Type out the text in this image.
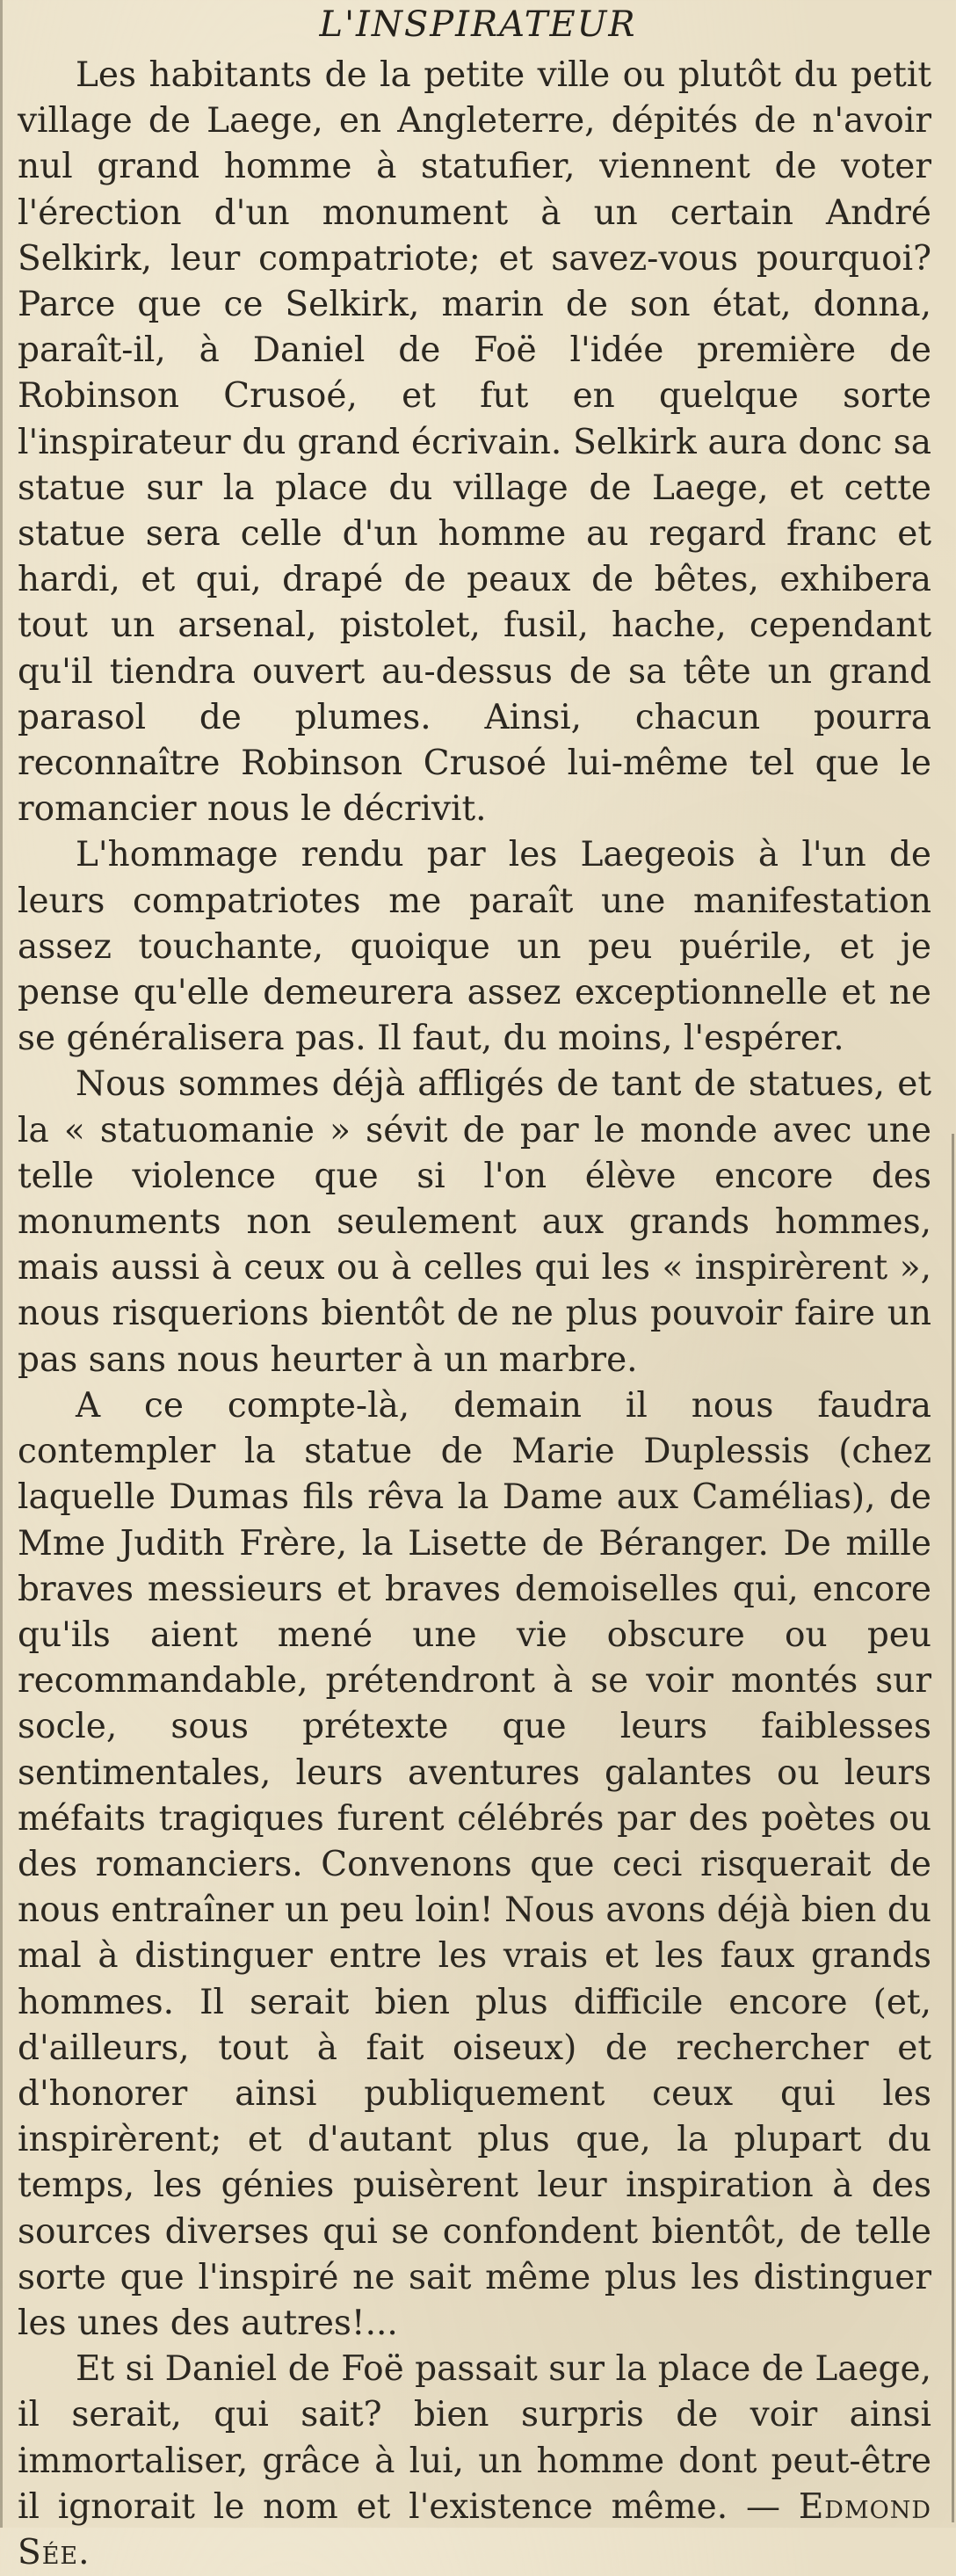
L'INSPIRATEUR

Les habitants de la petite ville ou plutôt du petit village de Laege, en Angleterre, dépités de n'avoir nul grand homme à statufier, viennent de voter l'érection d'un monument à un certain André Selkirk, leur compatriote; et savez-vous pourquoi? Parce que ce Selkirk, marin de son état, donna, paraît-il, à Daniel de Foë l'idée première de Robinson Crusoé, et fut en quelque sorte l'inspirateur du grand écrivain. Selkirk aura donc sa statue sur la place du village de Laege, et cette statue sera celle d'un homme au regard franc et hardi, et qui, drapé de peaux de bêtes, exhibera tout un arsenal, pistolet, fusil, hache, cependant qu'il tiendra ouvert au-dessus de sa tête un grand parasol de plumes. Ainsi, chacun pourra reconnaître Robinson Crusoé lui-même tel que le romancier nous le décrivit.

L'hommage rendu par les Laegeois à l'un de leurs compatriotes me paraît une manifestation assez touchante, quoique un peu puérile, et je pense qu'elle demeurera assez exceptionnelle et ne se généralisera pas. Il faut, du moins, l'espérer.

Nous sommes déjà affligés de tant de statues, et la « statuomanie » sévit de par le monde avec une telle violence que si l'on élève encore des monuments non seulement aux grands hommes, mais aussi à ceux ou à celles qui les « inspirèrent », nous risquerions bientôt de ne plus pouvoir faire un pas sans nous heurter à un marbre.

A ce compte-là, demain il nous faudra contempler la statue de Marie Duplessis (chez laquelle Dumas fils rêva la Dame aux Camélias), de Mme Judith Frère, la Lisette de Béranger. De mille braves messieurs et braves demoiselles qui, encore qu'ils aient mené une vie obscure ou peu recommandable, prétendront à se voir montés sur socle, sous prétexte que leurs faiblesses sentimentales, leurs aventures galantes ou leurs méfaits tragiques furent célébrés par des poètes ou des romanciers. Convenons que ceci risquerait de nous entraîner un peu loin! Nous avons déjà bien du mal à distinguer entre les vrais et les faux grands hommes. Il serait bien plus difficile encore (et, d'ailleurs, tout à fait oiseux) de rechercher et d'honorer ainsi publiquement ceux qui les inspirèrent; et d'autant plus que, la plupart du temps, les génies puisèrent leur inspiration à des sources diverses qui se confondent bientôt, de telle sorte que l'inspiré ne sait même plus les distinguer les unes des autres!...

Et si Daniel de Foë passait sur la place de Laege, il serait, qui sait? bien surpris de voir ainsi immortaliser, grâce à lui, un homme dont peut-être il ignorait le nom et l'existence même. — Edmond Sée.
